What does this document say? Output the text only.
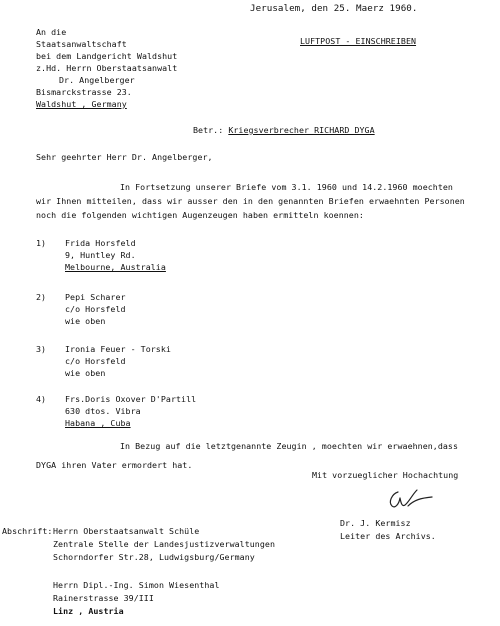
Jerusalem, den 25. Maerz 1960.
An die
Staatsanwaltschaft	LUFTPOST - EINSCHREIBEN
bei dem Landgericht Waldshut
z.Hd. Herrn Oberstaatsanwalt
Dr. Angelberger
Bismarckstrasse 23.
Waldshut , Germany
Betr.: Kriegsverbrecher RICHARD DYGA
Sehr geehrter Herr Dr. Angelberger,
In Fortsetzung unserer Briefe vom 3.1. 1960 und 14.2.1960 moechten
wir Ihnen mitteilen, dass wir ausser den in den genannten Briefen erwaehnten Personen
noch die folgenden wichtigen Augenzeugen haben ermitteln koennen:
1) Frida Horsfeld
9, Huntley Rd.
Melbourne, Australia
2) Pepi Scharer
c/o Horsfeld
wie oben
3) Ironia Feuer - Torski
c/o Horsfeld
wie oben
4) Frs.Doris Oxover D'Partill
630 dtos. Vibra
Habana , Cuba
In Bezug auf die letztgenannte Zeugin , moechten wir erwaehnen,dass
DYGA ihren Vater ermordert hat.
Mit vorzueglicher Hochachtung
Dr. J. Kermisz
Leiter des Archivs.
Abschrift: Herrn Oberstaatsanwalt Schüle
Zentrale Stelle der Landesjustizverwaltungen
Schorndorfer Str.28, Ludwigsburg/Germany
Herrn Dipl.-Ing. Simon Wiesenthal
Rainerstrasse 39/III
Linz , Austria
